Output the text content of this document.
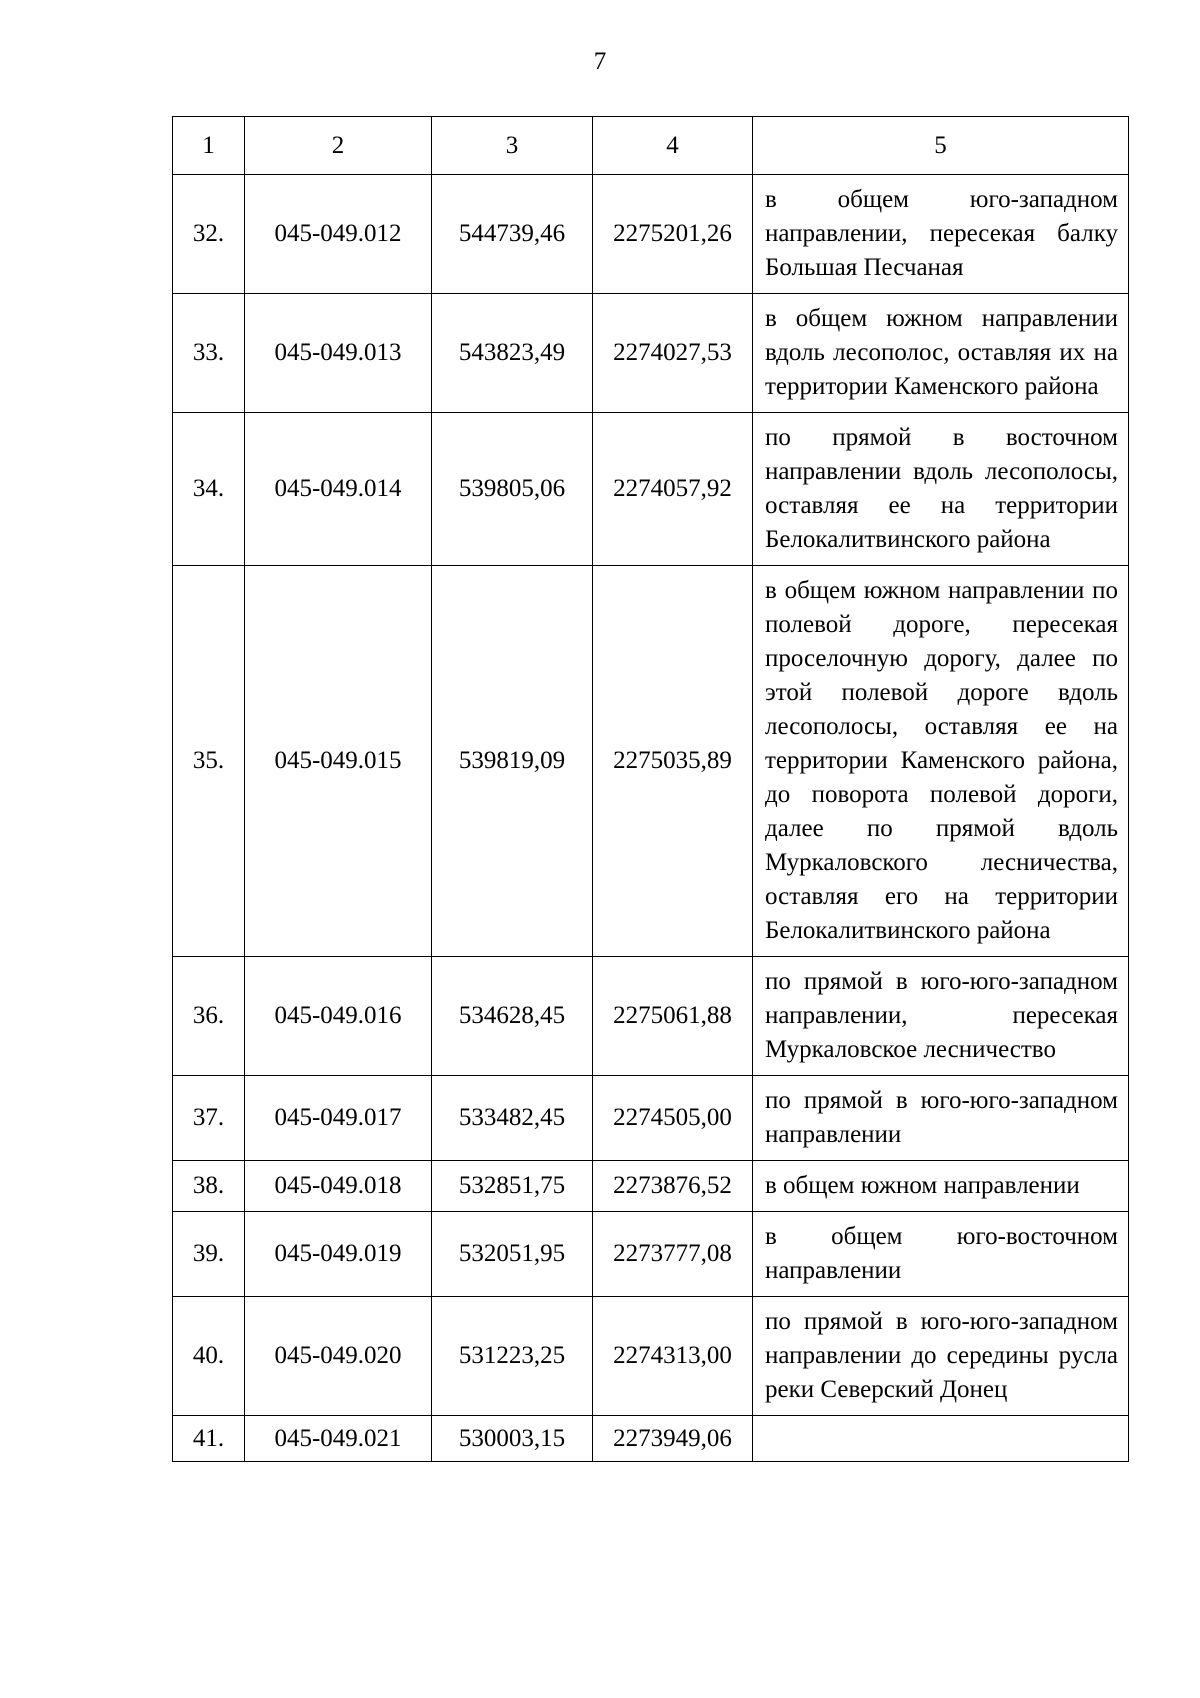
7
1	2	3	4	5
32.	045-049.012	544739,46	2275201,26	в общем юго-западном направлении, пересекая балку Большая Песчаная
33.	045-049.013	543823,49	2274027,53	в общем южном направлении вдоль лесополос, оставляя их на территории Каменского района
34.	045-049.014	539805,06	2274057,92	по прямой в восточном направлении вдоль лесополосы, оставляя ее на территории Белокалитвинского района
35.	045-049.015	539819,09	2275035,89	в общем южном направлении по полевой дороге, пересекая проселочную дорогу, далее по этой полевой дороге вдоль лесополосы, оставляя ее на территории Каменского района, до поворота полевой дороги, далее по прямой вдоль Муркаловского лесничества, оставляя его на территории Белокалитвинского района
36.	045-049.016	534628,45	2275061,88	по прямой в юго-юго-западном направлении, пересекая Муркаловское лесничество
37.	045-049.017	533482,45	2274505,00	по прямой в юго-юго-западном направлении
38.	045-049.018	532851,75	2273876,52	в общем южном направлении
39.	045-049.019	532051,95	2273777,08	в общем юго-восточном направлении
40.	045-049.020	531223,25	2274313,00	по прямой в юго-юго-западном направлении до середины русла реки Северский Донец
41.	045-049.021	530003,15	2273949,06	
